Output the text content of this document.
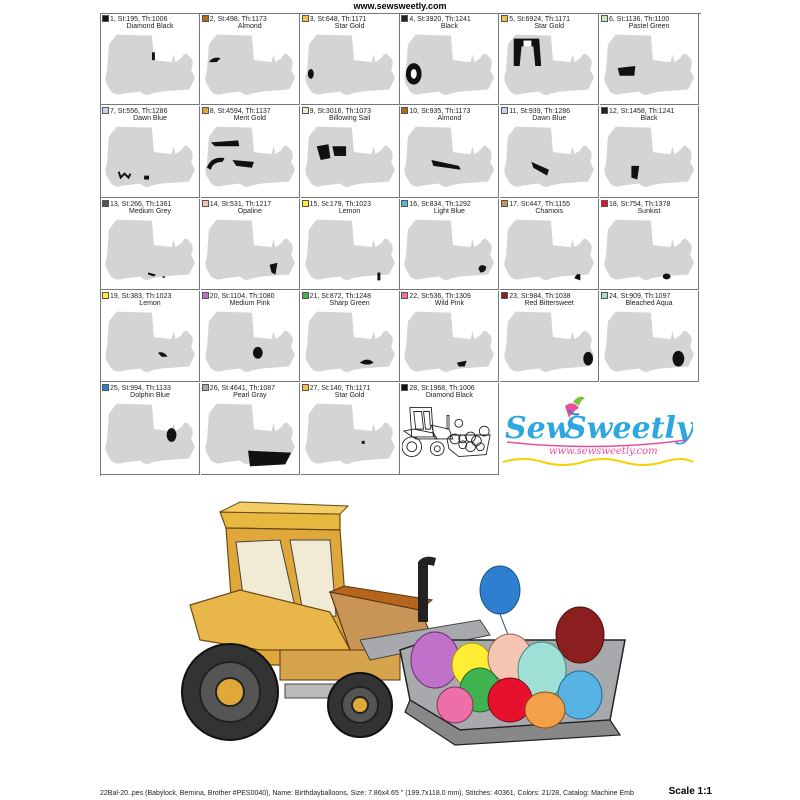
www.sewsweetly.com
1, St:195, Th:1006
Diamond Black
2, St:498, Th:1173
Almond
3, St:648, Th:1171
Star Gold
4, St:3920, Th:1241
Black
5, St:6924, Th:1171
Star Gold
6, St:1136, Th:1100
Pastel Green
7, St:556, Th:1286
Dawn Blue
8, St:4594, Th:1137
Merit Gold
9, St:3016, Th:1073
Billowing Sail
10, St:935, Th:1173
Almond
11, St:939, Th:1286
Dawn Blue
12, St:1458, Th:1241
Black
13, St:266, Th:1361
Medium Grey
14, St:531, Th:1217
Opaline
15, St:179, Th:1023
Lemon
16, St:834, Th:1292
Light Blue
17, St:447, Th:1155
Chamois
18, St:754, Th:1378
Sunkist
19, St:383, Th:1023
Lemon
20, St:1104, Th:1080
Medium Pink
21, St:872, Th:1248
Sharp Green
22, St:536, Th:1309
Wild Pink
23, St:984, Th:1038
Red Bittersweet
24, St:909, Th:1097
Bleached Aqua
25, St:994, Th:1133
Dolphin Blue
26, St:4641, Th:1087
Pearl Gray
27, St:140, Th:1171
Star Gold
28, St:1968, Th:1006
Diamond Black
Sew
Sweetly
www.sewsweetly.com
22Bal-20..pes (Babylock, Bernina, Brother #PES0040), Name: Birthdayballoons, Size: 7.86x4.65 " (199.7x118.0 mm), Stitches: 40361, Colors: 21/28, Catalog: Machine Emb	Scale 1:1
